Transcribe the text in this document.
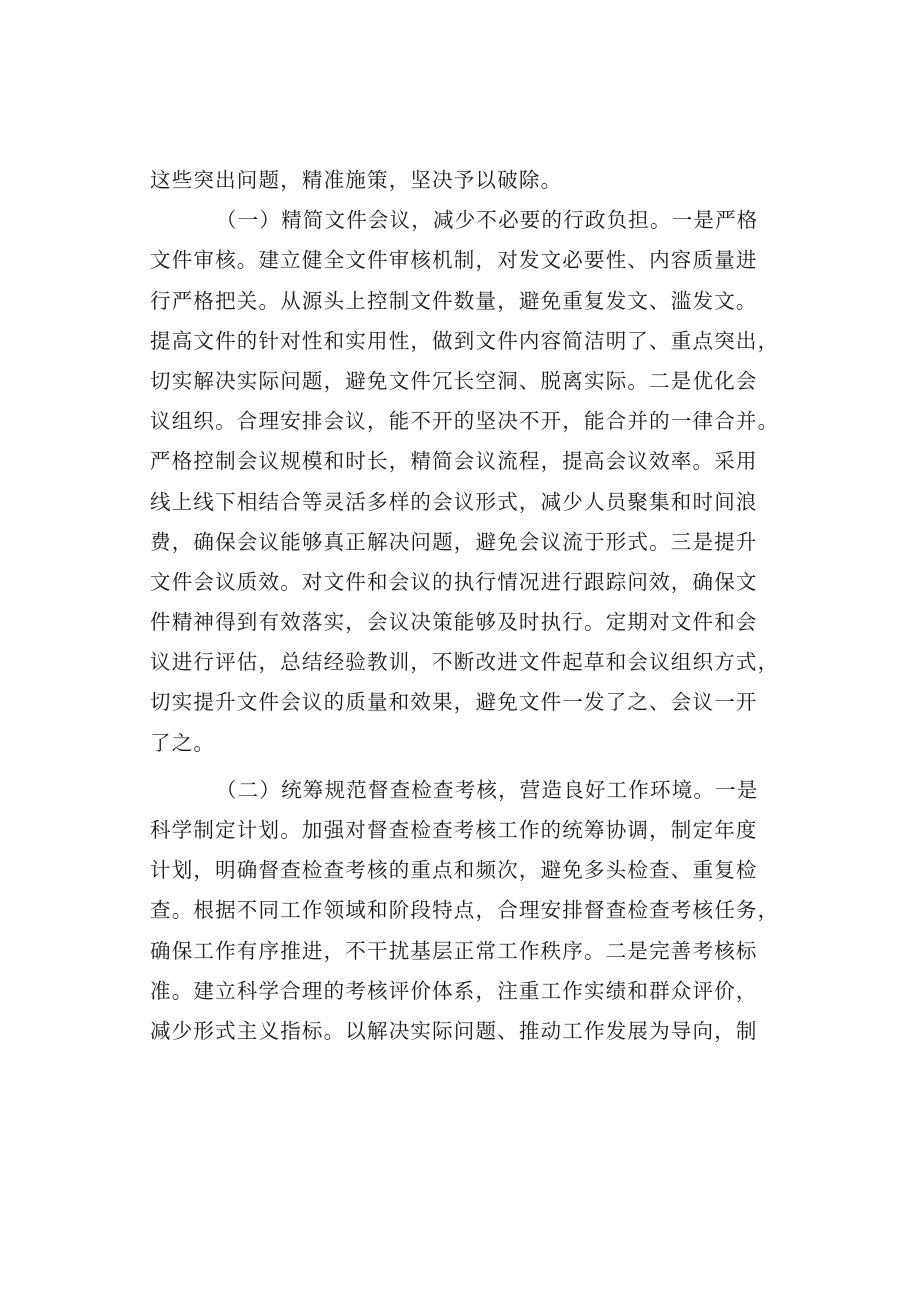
这些突出问题，精准施策，坚决予以破除。
（一）精简文件会议，减少不必要的行政负担。一是严格
文件审核。建立健全文件审核机制，对发文必要性、内容质量进
行严格把关。从源头上控制文件数量，避免重复发文、滥发文。
提高文件的针对性和实用性，做到文件内容简洁明了、重点突出，
切实解决实际问题，避免文件冗长空洞、脱离实际。二是优化会
议组织。合理安排会议，能不开的坚决不开，能合并的一律合并。
严格控制会议规模和时长，精简会议流程，提高会议效率。采用
线上线下相结合等灵活多样的会议形式，减少人员聚集和时间浪
费，确保会议能够真正解决问题，避免会议流于形式。三是提升
文件会议质效。对文件和会议的执行情况进行跟踪问效，确保文
件精神得到有效落实，会议决策能够及时执行。定期对文件和会
议进行评估，总结经验教训，不断改进文件起草和会议组织方式，
切实提升文件会议的质量和效果，避免文件一发了之、会议一开
了之。
（二）统筹规范督查检查考核，营造良好工作环境。一是
科学制定计划。加强对督查检查考核工作的统筹协调，制定年度
计划，明确督查检查考核的重点和频次，避免多头检查、重复检
查。根据不同工作领域和阶段特点，合理安排督查检查考核任务，
确保工作有序推进，不干扰基层正常工作秩序。二是完善考核标
准。建立科学合理的考核评价体系，注重工作实绩和群众评价，
减少形式主义指标。以解决实际问题、推动工作发展为导向，制
